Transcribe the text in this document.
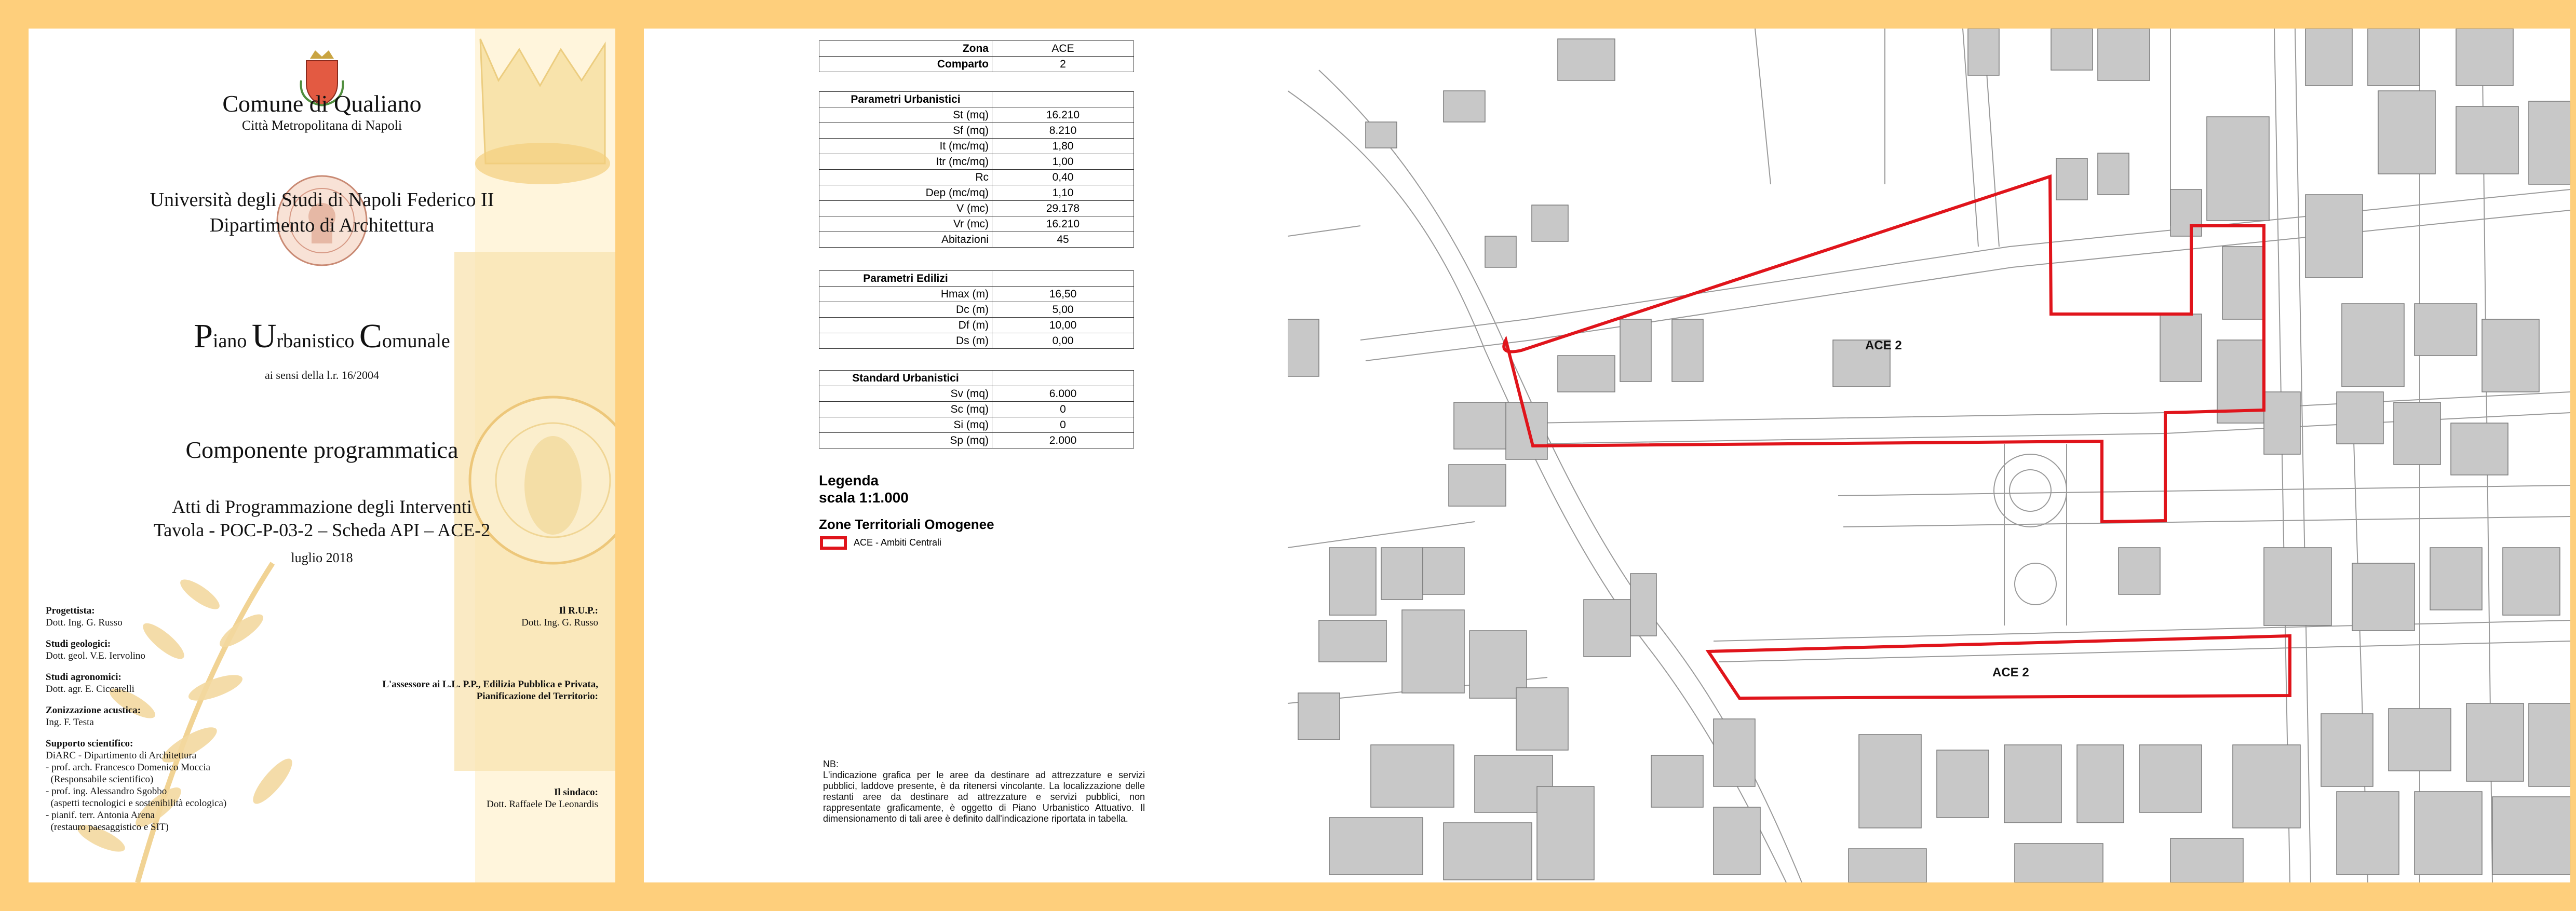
Comune di Qualiano
Città Metropolitana di Napoli
Università degli Studi di Napoli Federico II
Dipartimento di Architettura
Piano Urbanistico Comunale
ai sensi della l.r. 16/2004
Componente programmatica
Atti di Programmazione degli Interventi
Tavola - POC-P-03-2 – Scheda API – ACE-2
luglio 2018
Progettista:
Dott. Ing. G. Russo
Studi geologici:
Dott. geol. V.E. Iervolino
Studi agronomici:
Dott. agr. E. Ciccarelli
Zonizzazione acustica:
Ing. F. Testa
Supporto scientifico:
DiARC - Dipartimento di Architettura
- prof. arch. Francesco Domenico Moccia
(Responsabile scientifico)
- prof. ing. Alessandro Sgobbo
(aspetti tecnologici e sostenibilità ecologica)
- pianif. terr. Antonia Arena
(restauro paesaggistico e SIT)
Il R.U.P.:
Dott. Ing. G. Russo
L'assessore ai L.L. P.P., Edilizia Pubblica e Privata,
Pianificazione del Territorio:
Il sindaco:
Dott. Raffaele De Leonardis
Zona	ACE
Comparto	2
Parametri Urbanistici	
St (mq)	16.210
Sf (mq)	8.210
It (mc/mq)	1,80
Itr (mc/mq)	1,00
Rc	0,40
Dep (mc/mq)	1,10
V (mc)	29.178
Vr (mc)	16.210
Abitazioni	45
Parametri Edilizi	
Hmax (m)	16,50
Dc (m)	5,00
Df (m)	10,00
Ds (m)	0,00
Standard Urbanistici	
Sv (mq)	6.000
Sc (mq)	0
Si (mq)	0
Sp (mq)	2.000
Legenda
scala 1:1.000
Zone Territoriali Omogenee
ACE - Ambiti Centrali
NB:
L'indicazione grafica per le aree da destinare ad attrezzature e servizi pubblici, laddove presente, è da ritenersi vincolante. La localizzazione delle restanti aree da destinare ad attrezzature e servizi pubblici, non rappresentate graficamente, è oggetto di Piano Urbanistico Attuativo. Il dimensionamento di tali aree è definito dall'indicazione riportata in tabella.
ACE 2
ACE 2
